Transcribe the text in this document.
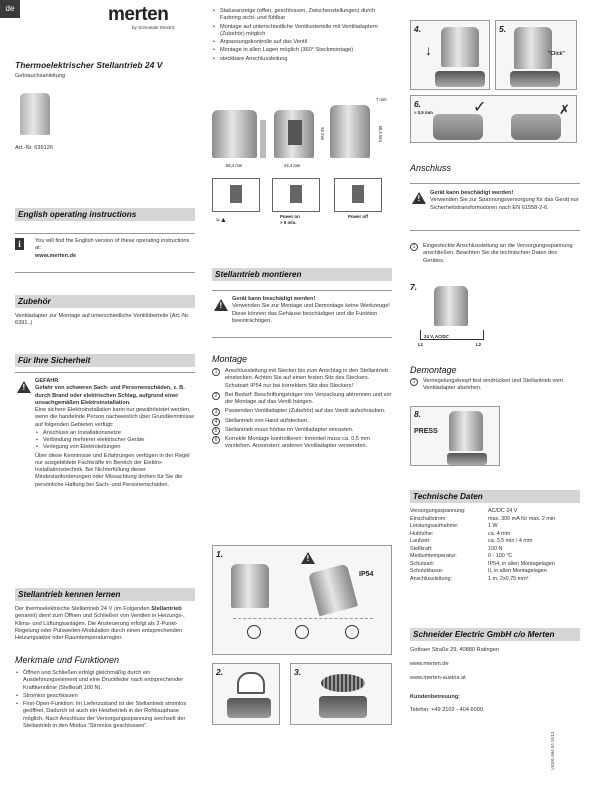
de	merten
by Schneider Electric
Thermoelektrischer Stellantrieb 24 V
Gebrauchsanleitung
Art.-Nr. 639126
English operating instructions
i	You will find the English version of these operating instructions at:
www.merten.de
Zubehör
Ventiladapter zur Montage auf unterschiedliche Ventiloberteile (Art.-Nr. 6391..)
Für Ihre Sicherheit
!
GEFAHR
Gefahr von schweren Sach- und Personenschäden, z. B. durch Brand oder elektrischen Schlag, aufgrund einer unsachgemäßen Elektroinstallation.
Eine sichere Elektroinstallation kann nur gewährleistet werden, wenn die handelnde Person nachweislich über Grundkenntnisse auf folgenden Gebieten verfügt:
• Anschluss an Installationsnetze
• Verbindung mehrerer elektrischer Geräte
• Verlegung von Elektroleitungen
Über diese Kenntnisse und Erfahrungen verfügen in der Regel nur ausgebildete Fachkräfte im Bereich der Elektro-Installationstechnik. Bei Nichterfüllung dieser Mindestanforderungen oder Missachtung drohen für Sie die persönliche Haftung bei Sach- und Personenschäden.
Stellantrieb kennen lernen
Der thermoelektrische Stellantrieb 24 V (im Folgenden Stellantrieb genannt) dient zum Öffnen und Schließen von Ventilen in Heizungs-, Klima- und Lüftungsanlagen. Die Ansteuerung erfolgt als 2-Punkt-Regelung oder Pulsweiten-Modulation durch einen entsprechenden Heizungsaktor oder Raumtemperaturregler.
Merkmale und Funktionen
• Öffnen und Schließen erfolgt gleichmäßig durch ein Ausdehnungselement und eine Druckfeder nach entsprechender Kraftkennlinie (Stellkraft 100 N).
• Stromlos geschlossen
• First-Open-Funktion: Im Lieferzustand ist der Stellantrieb stromlos geöffnet. Dadurch ist auch ein Heizbetrieb in der Rohbauphase möglich. Nach Anschluss der Versorgungsspannung wechselt der Stellantrieb in den Modus "Stromlos geschlossen".
• Statusanzeige (offen, geschlossen, Zwischenstellungen) durch Farbring sicht- und fühlbar
• Montage auf unterschiedliche Ventilunterteile mit Ventiladaptern (Zubehör) möglich
• Anpassungskontrolle auf das Ventil
• Montage in allen Lagen möglich (360° Steckmontage)
• steckbare Anschlussleitung
56,4 mm	44,4 mm
52 mm	50,4 mm
7 mm
≈▲
Power on
> 5 min.
Power off
Stellantrieb montieren
!
Gerät kann beschädigt werden!
Verwenden Sie zur Montage und Demontage keine Werkzeuge! Diese können das Gehäuse beschädigen und die Funktion beeinträchtigen.
Montage
1	Anschlussleitung mit Stecker bis zum Anschlag in den Stellantrieb einstecken. Achten Sie auf einen festen Sitz des Steckers. Schutzart IP54 nur bei korrektem Sitz des Steckers!
2	Bei Bedarf: Beschriftungsträger von Verpackung abtrennen und vor der Montage auf das Ventil hängen.
3	Passenden Ventiladapter (Zubehör) auf das Ventil aufschrauben.
4	Stellantrieb von Hand aufstecken.
5	Stellantrieb muss hörbar im Ventiladapter einrasten.
6	Korrekte Montage kontrollieren: Innenteil muss ca. 0,5 mm vorstehen. Ansonsten: anderen Ventiladapter verwenden.
1.
!
IP54
2.	3.
4.
↓
5.
"Click"
6.
≈ 0,5 mm	✓	✗
Anschluss
!
Gerät kann beschädigt werden!
Verwenden Sie zur Spannungsversorgung für das Gerät nur Sicherheitstransformatoren nach EN 61558-2-6.
1	Eingesteckte Anschlussleitung an die Versorgungsspannung anschließen. Beachten Sie die technischen Daten des Gerätes.
7.
24 V, AC/DC
L1	L2
Demontage
1	Verriegelungsknopf fest eindrücken und Stellantrieb vom Ventiladapter abziehen.
8.
PRESS
Technische Daten
Versorgungsspannung:	AC/DC 24 V
Einschaltstrom:	max. 300 mA für max. 2 min
Leistungsaufnahme:	1 W
Hubhöhe:	ca. 4 mm
Laufzeit:	ca. 3,5 min / 4 mm
Stellkraft:	100 N
Mediumtemperatur:	0 - 100 °C
Schutzart:	IP54, in allen Montagelagen
Schutzklasse:	II, in allen Montagelagen
Anschlussleitung:	1 m, 2x0,75 mm²
Schneider Electric GmbH c/o Merten
Gothaer Straße 29, 40880 Ratingen
www.merten.de
www.merten-austria.at
Kundenbetreuung:
Telefon: +49 2102 - 404 6000
V6391-594-00 10/13
